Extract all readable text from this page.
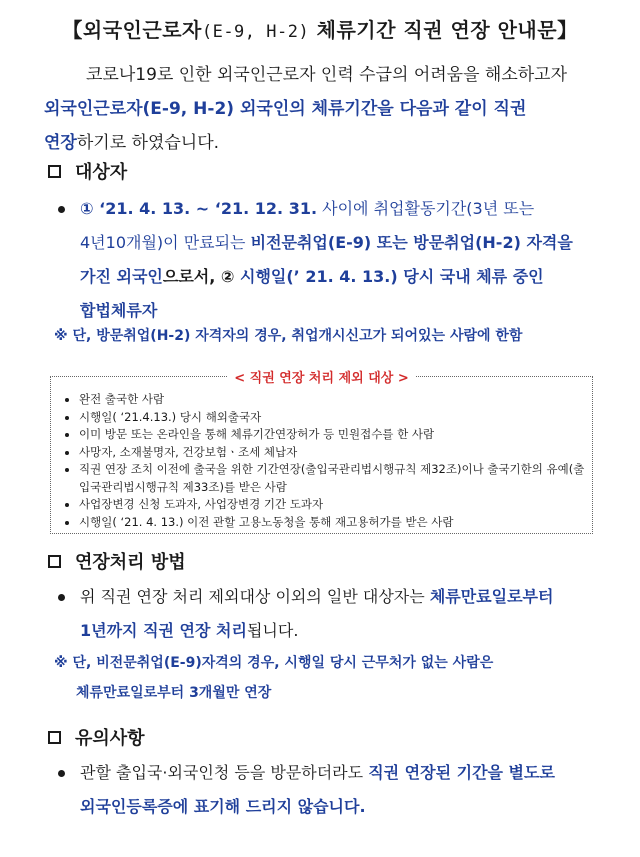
【외국인근로자(E-9, H-2) 체류기간 직권 연장 안내문】
코로나19로 인한 외국인근로자 인력 수급의 어려움을 해소하고자
외국인근로자(E-9, H-2) 외국인의 체류기간을 다음과 같이 직권
연장하기로 하였습니다.
대상자
① ‘21. 4. 13. ~ ‘21. 12. 31. 사이에 취업활동기간(3년 또는
4년10개월)이 만료되는 비전문취업(E-9) 또는 방문취업(H-2) 자격을
가진 외국인으로서, ② 시행일(’ 21. 4. 13.) 당시 국내 체류 중인
합법체류자
※ 단, 방문취업(H-2) 자격자의 경우, 취업개시신고가 되어있는 사람에 한함
< 직권 연장 처리 제외 대상 >
완전 출국한 사람
시행일( ‘21.4.13.) 당시 해외출국자
이미 방문 또는 온라인을 통해 체류기간연장허가 등 민원접수를 한 사람
사망자, 소재불명자, 건강보험ㆍ조세 체납자
직권 연장 조치 이전에 출국을 위한 기간연장(출입국관리법시행규칙 제32조)이나 출국기한의 유예(출입국관리법시행규칙 제33조)를 받은 사람
사업장변경 신청 도과자, 사업장변경 기간 도과자
시행일( ‘21. 4. 13.) 이전 관할 고용노동청을 통해 재고용허가를 받은 사람
연장처리 방법
위 직권 연장 처리 제외대상 이외의 일반 대상자는 체류만료일로부터
1년까지 직권 연장 처리됩니다.
※ 단, 비전문취업(E-9)자격의 경우, 시행일 당시 근무처가 없는 사람은
체류만료일로부터 3개월만 연장
유의사항
관할 출입국·외국인청 등을 방문하더라도 직권 연장된 기간을 별도로
외국인등록증에 표기해 드리지 않습니다.
